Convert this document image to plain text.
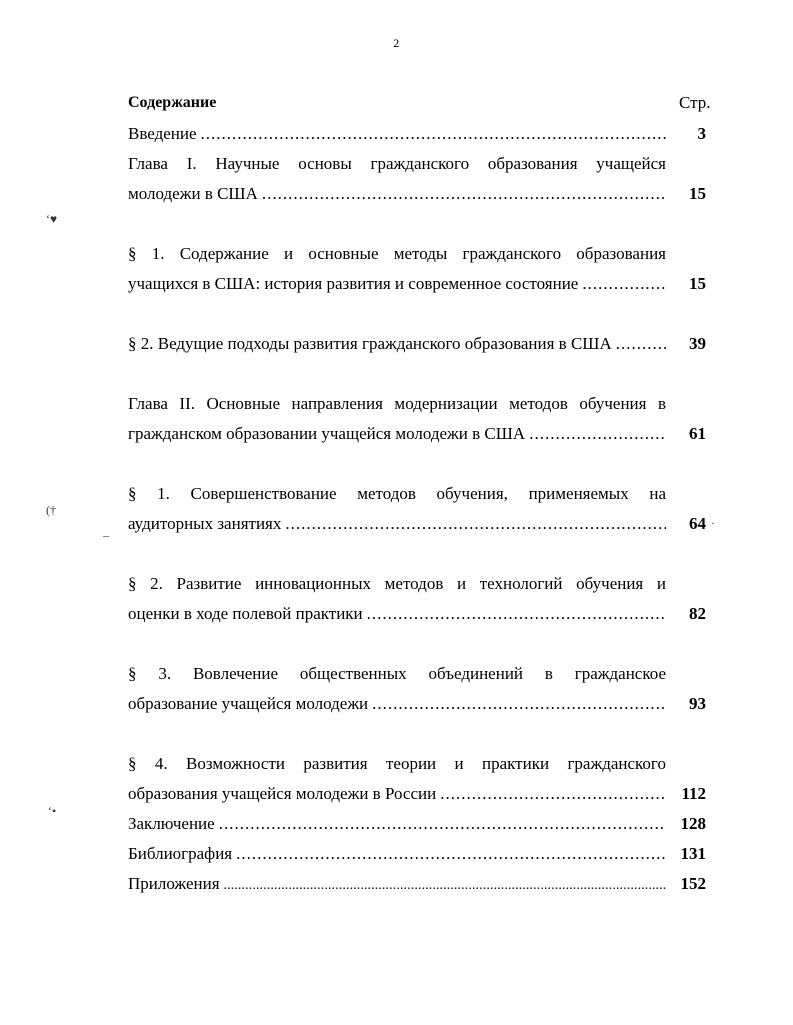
2
Содержание	Стр.
Введение .....	3
Глава I. Научные основы гражданского образования учащейся
молодежи в США .....	15
§ 1. Содержание и основные методы гражданского образования
учащихся в США: история развития и современное состояние .....	15
§ 2. Ведущие подходы развития гражданского образования в США .....	39
Глава II. Основные направления модернизации методов обучения в
гражданском образовании учащейся молодежи в США .....	61
§ 1. Совершенствование методов обучения, применяемых на
аудиторных занятиях .....	64
§ 2. Развитие инновационных методов и технологий обучения и
оценки в ходе полевой практики .....	82
§ 3. Вовлечение общественных объединений в гражданское
образование учащейся молодежи .....	93
§ 4. Возможности развития теории и практики гражданского
образования учащейся молодежи в России .....	112
Заключение .....	128
Библиография .....	131
Приложения .....	152
‘♥
(†
–
·
‘•
